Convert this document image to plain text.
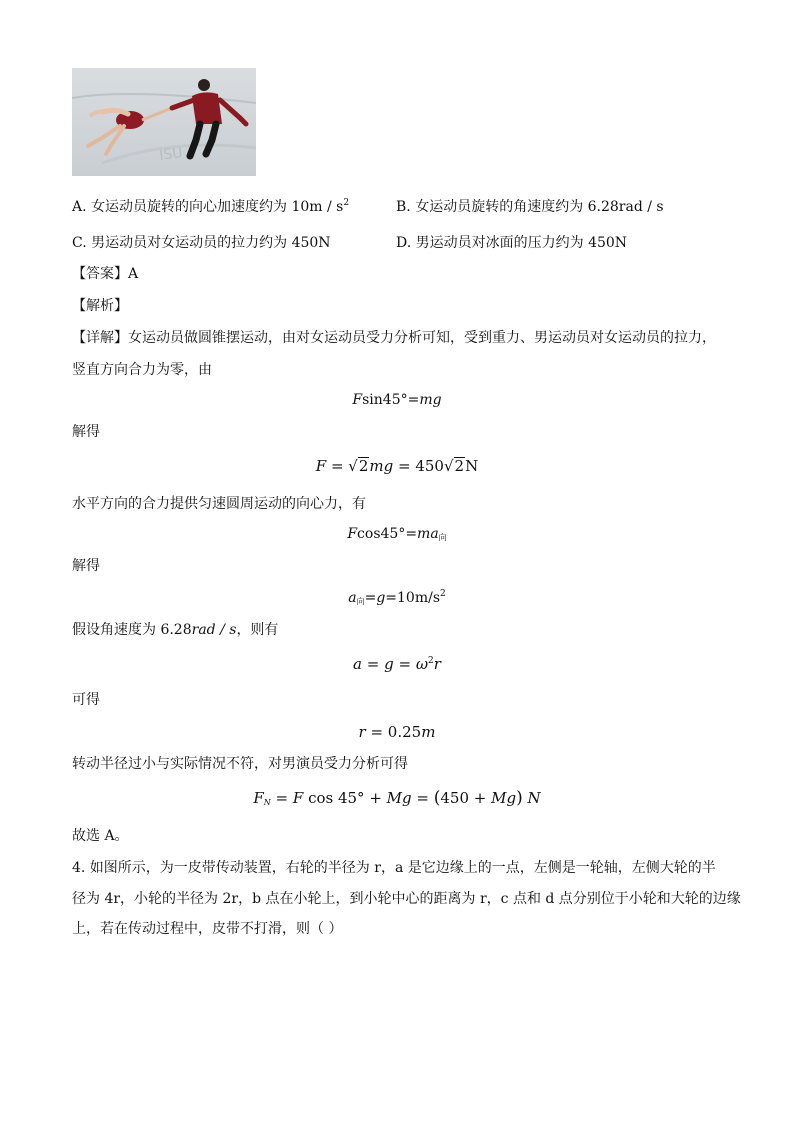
ISU
A. 女运动员旋转的向心加速度约为 $10m / s^2$	B. 女运动员旋转的角速度约为 6.28rad / s
C. 男运动员对女运动员的拉力约为 450N	D. 男运动员对冰面的压力约为 450N
【答案】A
【解析】
【详解】女运动员做圆锥摆运动，由对女运动员受力分析可知，受到重力、男运动员对女运动员的拉力，
竖直方向合力为零，由
Fsin45°=mg
解得
F = √2mg = 450√2N
水平方向的合力提供匀速圆周运动的向心力，有
$Fcos45^\circ=ma_向$
解得
$a_向=g=10m/s^2$
假设角速度为 6.28rad / s，则有
$a = g = \omega^2r$
可得
r = 0.25m
转动半径过小与实际情况不符，对男演员受力分析可得
$F_N = F$ cos 45° + Mg = (450 + Mg) N
故选 A。
4. 如图所示，为一皮带传动装置，右轮的半径为 r，a 是它边缘上的一点，左侧是一轮轴，左侧大轮的半
径为 4r，小轮的半径为 2r，b 点在小轮上，到小轮中心的距离为 r，c 点和 d 点分别位于小轮和大轮的边缘
上，若在传动过程中，皮带不打滑，则（ ）
